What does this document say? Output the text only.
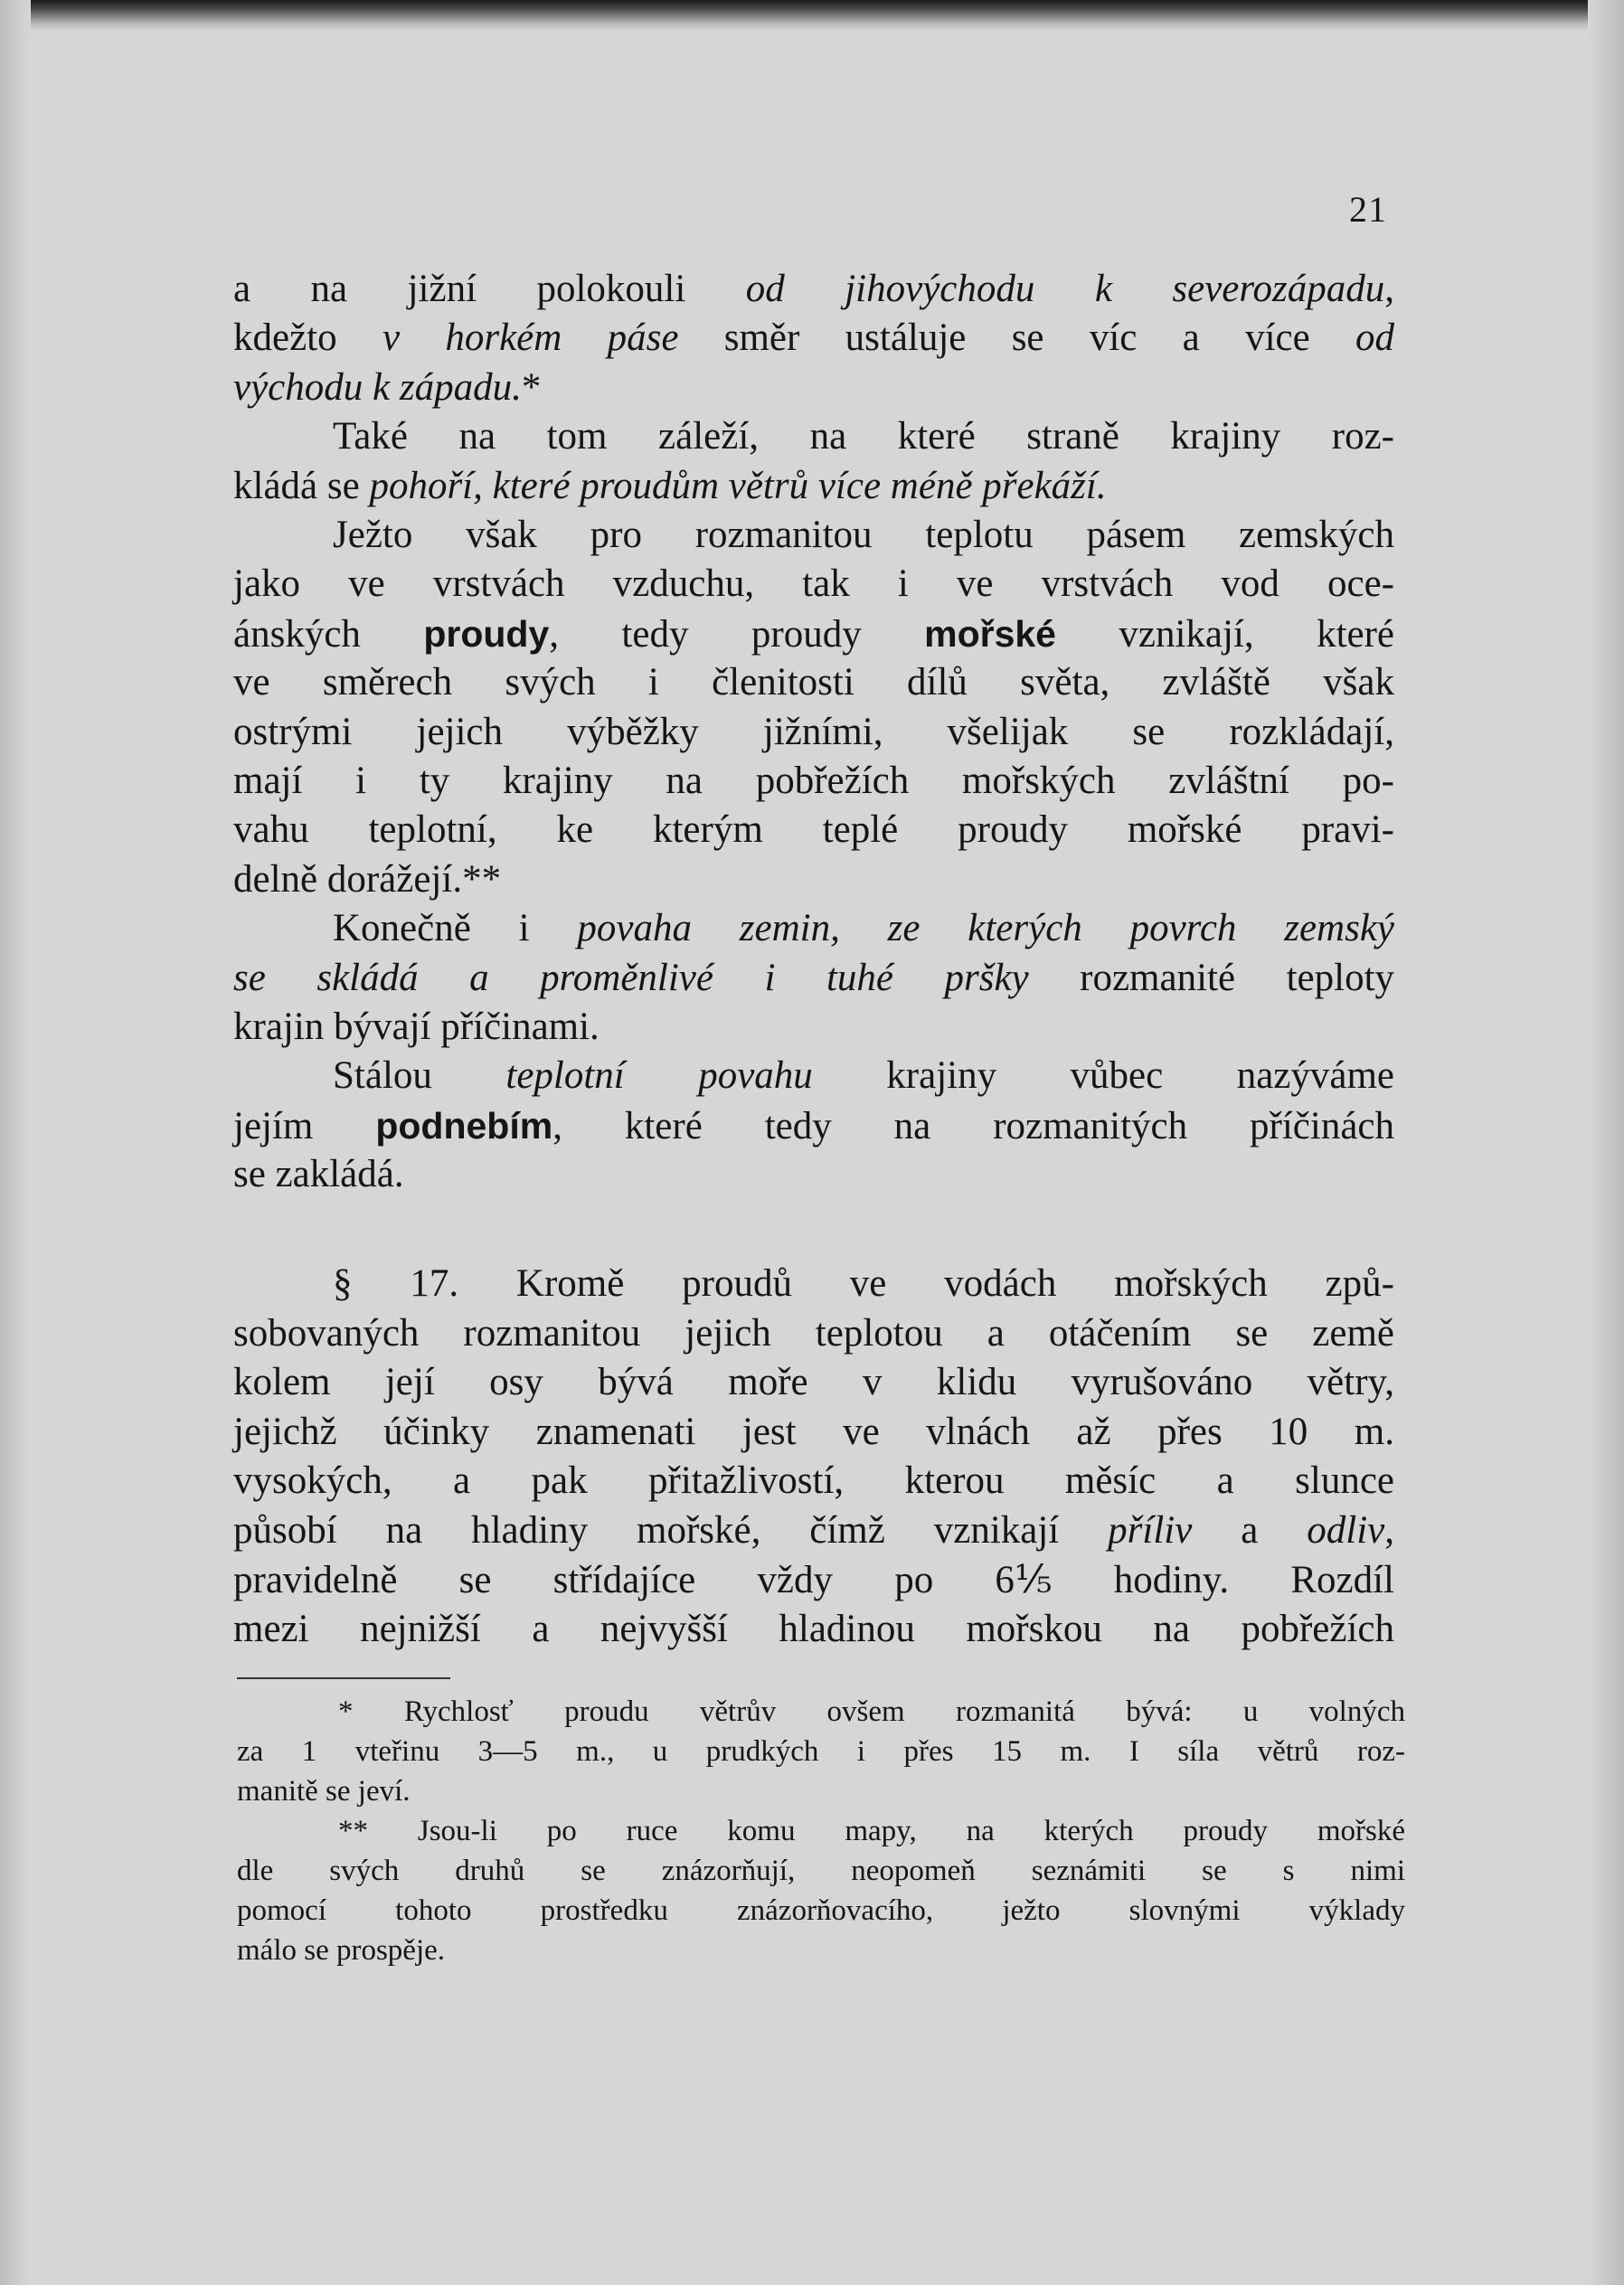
21
a na jižní polokouli od jihovýchodu k severozápadu,
kdežto v horkém páse směr ustáluje se víc a více od
východu k západu.*
Také na tom záleží, na které straně krajiny roz-
kládá se pohoří, které proudům větrů více méně překáží.
Ježto však pro rozmanitou teplotu pásem zemských
jako ve vrstvách vzduchu, tak i ve vrstvách vod oce-
ánských proudy, tedy proudy mořské vznikají, které
ve směrech svých i členitosti dílů světa, zvláště však
ostrými jejich výběžky jižními, všelijak se rozkládají,
mají i ty krajiny na pobřežích mořských zvláštní po-
vahu teplotní, ke kterým teplé proudy mořské pravi-
delně dorážejí.**
Konečně i povaha zemin, ze kterých povrch zemský
se skládá a proměnlivé i tuhé pršky rozmanité teploty
krajin bývají příčinami.
Stálou teplotní povahu krajiny vůbec nazýváme
jejím podnebím, které tedy na rozmanitých příčinách
se zakládá.
§ 17. Kromě proudů ve vodách mořských způ-
sobovaných rozmanitou jejich teplotou a otáčením se země
kolem její osy bývá moře v klidu vyrušováno větry,
jejichž účinky znamenati jest ve vlnách až přes 10 m.
vysokých, a pak přitažlivostí, kterou měsíc a slunce
působí na hladiny mořské, čímž vznikají příliv a odliv,
pravidelně se střídajíce vždy po 6⅕ hodiny. Rozdíl
mezi nejnižší a nejvyšší hladinou mořskou na pobřežích
* Rychlosť proudu větrův ovšem rozmanitá bývá: u volných
za 1 vteřinu 3—5 m., u prudkých i přes 15 m. I síla větrů roz-
manitě se jeví.
** Jsou-li po ruce komu mapy, na kterých proudy mořské
dle svých druhů se znázorňují, neopomeň seznámiti se s nimi
pomocí tohoto prostředku znázorňovacího, ježto slovnými výklady
málo se prospěje.
